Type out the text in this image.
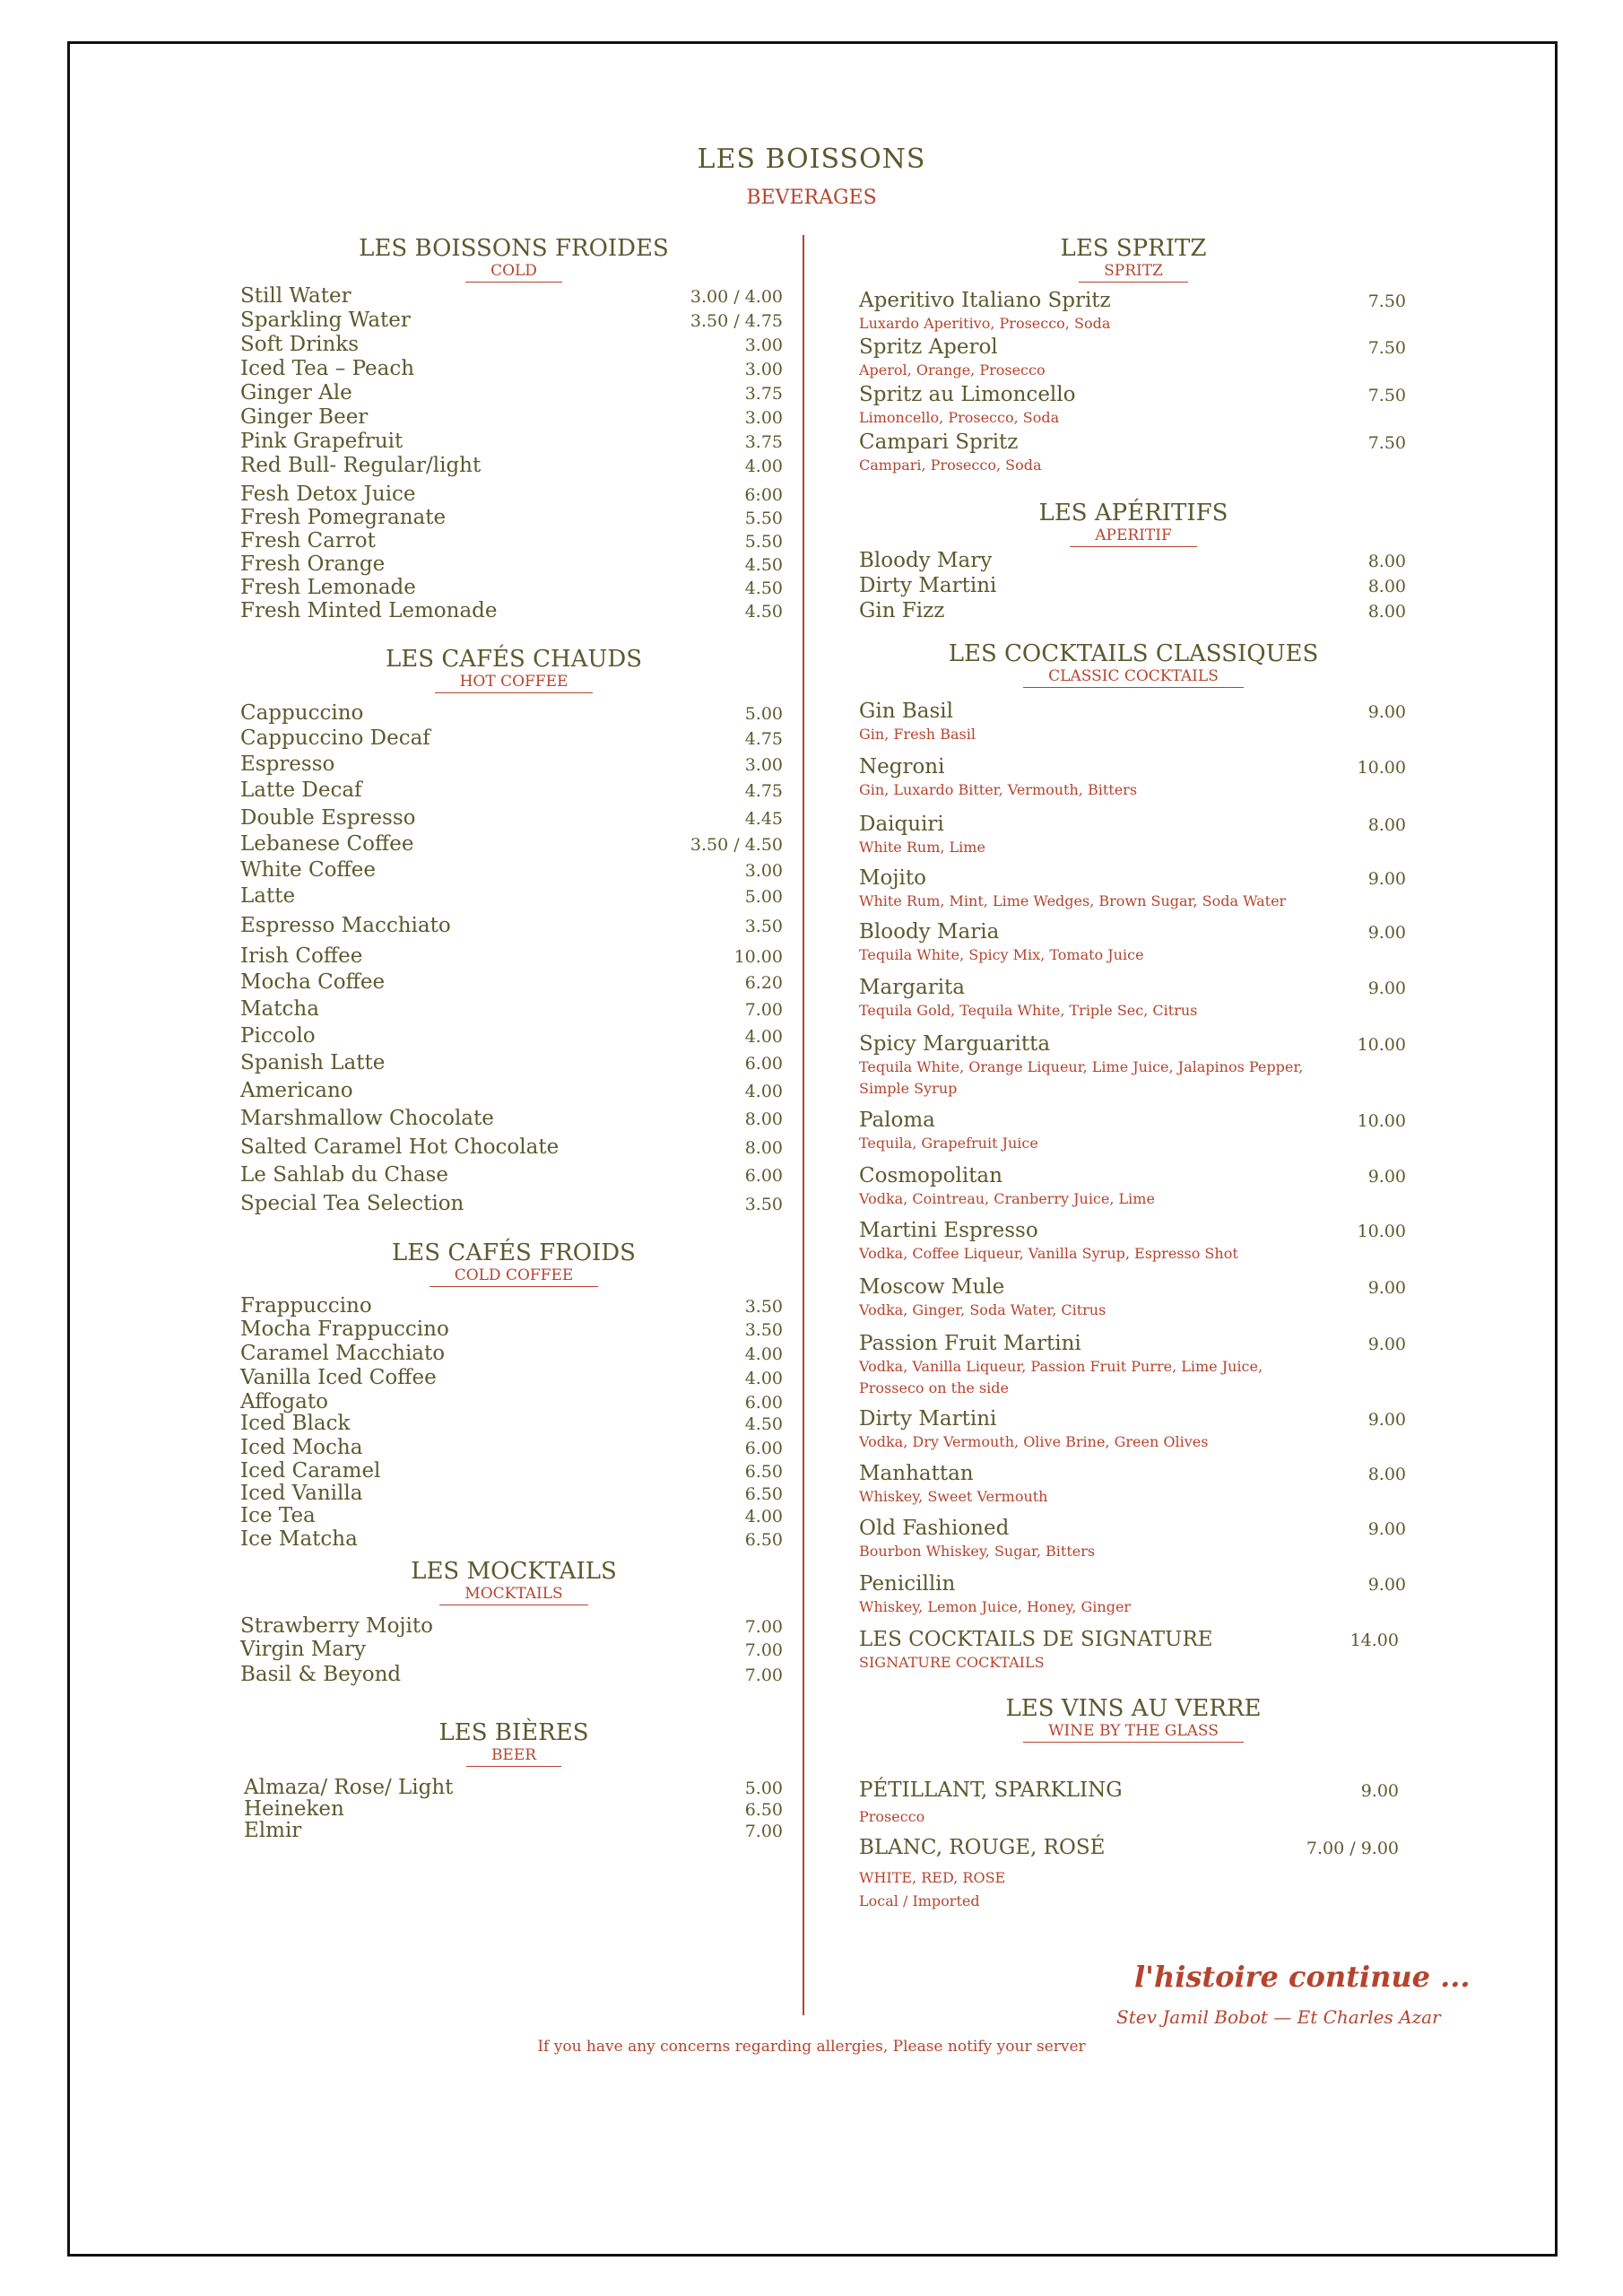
LES BOISSONS
BEVERAGES
LES BOISSONS FROIDES
COLD
Still Water	3.00 / 4.00
Sparkling Water	3.50 / 4.75
Soft Drinks	3.00
Iced Tea – Peach	3.00
Ginger Ale	3.75
Ginger Beer	3.00
Pink Grapefruit	3.75
Red Bull- Regular/light	4.00
Fesh Detox Juice	6:00
Fresh Pomegranate	5.50
Fresh Carrot	5.50
Fresh Orange	4.50
Fresh Lemonade	4.50
Fresh Minted Lemonade	4.50
LES CAFÉS CHAUDS
HOT COFFEE
Cappuccino	5.00
Cappuccino Decaf	4.75
Espresso	3.00
Latte Decaf	4.75
Double Espresso	4.45
Lebanese Coffee	3.50 / 4.50
White Coffee	3.00
Latte	5.00
Espresso Macchiato	3.50
Irish Coffee	10.00
Mocha Coffee	6.20
Matcha	7.00
Piccolo	4.00
Spanish Latte	6.00
Americano	4.00
Marshmallow Chocolate	8.00
Salted Caramel Hot Chocolate	8.00
Le Sahlab du Chase	6.00
Special Tea Selection	3.50
LES CAFÉS FROIDS
COLD COFFEE
Frappuccino	3.50
Mocha Frappuccino	3.50
Caramel Macchiato	4.00
Vanilla Iced Coffee	4.00
Affogato	6.00
Iced Black	4.50
Iced Mocha	6.00
Iced Caramel	6.50
Iced Vanilla	6.50
Ice Tea	4.00
Ice Matcha	6.50
LES MOCKTAILS
MOCKTAILS
Strawberry Mojito	7.00
Virgin Mary	7.00
Basil & Beyond	7.00
LES BIÈRES
BEER
Almaza/ Rose/ Light	5.00
Heineken	6.50
Elmir	7.00
LES SPRITZ
SPRITZ
Aperitivo Italiano Spritz	7.50
Luxardo Aperitivo, Prosecco, Soda
Spritz Aperol	7.50
Aperol, Orange, Prosecco
Spritz au Limoncello	7.50
Limoncello, Prosecco, Soda
Campari Spritz	7.50
Campari, Prosecco, Soda
LES APÉRITIFS
APERITIF
Bloody Mary	8.00
Dirty Martini	8.00
Gin Fizz	8.00
LES COCKTAILS CLASSIQUES
CLASSIC COCKTAILS
Gin Basil	9.00
Gin, Fresh Basil
Negroni	10.00
Gin, Luxardo Bitter, Vermouth, Bitters
Daiquiri	8.00
White Rum, Lime
Mojito	9.00
White Rum, Mint, Lime Wedges, Brown Sugar, Soda Water
Bloody Maria	9.00
Tequila White, Spicy Mix, Tomato Juice
Margarita	9.00
Tequila Gold, Tequila White, Triple Sec, Citrus
Spicy Marguaritta	10.00
Tequila White, Orange Liqueur, Lime Juice, Jalapinos Pepper,
Simple Syrup
Paloma	10.00
Tequila, Grapefruit Juice
Cosmopolitan	9.00
Vodka, Cointreau, Cranberry Juice, Lime
Martini Espresso	10.00
Vodka, Coffee Liqueur, Vanilla Syrup, Espresso Shot
Moscow Mule	9.00
Vodka, Ginger, Soda Water, Citrus
Passion Fruit Martini	9.00
Vodka, Vanilla Liqueur, Passion Fruit Purre, Lime Juice,
Prosseco on the side
Dirty Martini	9.00
Vodka, Dry Vermouth, Olive Brine, Green Olives
Manhattan	8.00
Whiskey, Sweet Vermouth
Old Fashioned	9.00
Bourbon Whiskey, Sugar, Bitters
Penicillin	9.00
Whiskey, Lemon Juice, Honey, Ginger
LES COCKTAILS DE SIGNATURE	14.00
SIGNATURE COCKTAILS
LES VINS AU VERRE
WINE BY THE GLASS
PÉTILLANT, SPARKLING	9.00
Prosecco
BLANC, ROUGE, ROSÉ	7.00 / 9.00
WHITE, RED, ROSE
Local / Imported
If you have any concerns regarding allergies, Please notify your server
l'histoire continue ...
Stev Jamil Bobot — Et Charles Azar
